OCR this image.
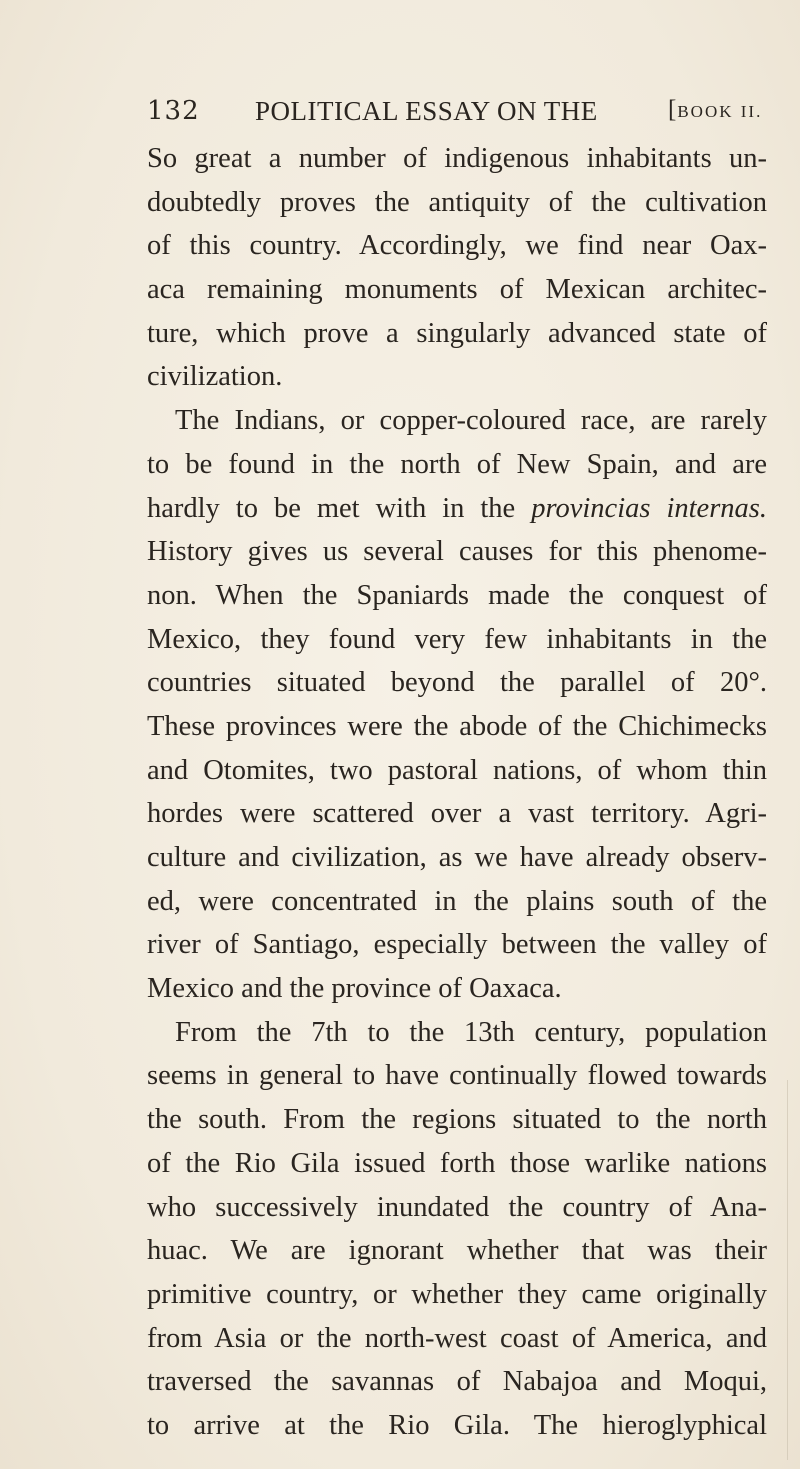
132 POLITICAL ESSAY ON THE	[BOOK II.
So great a number of indigenous inhabitants un-
doubtedly proves the antiquity of the cultivation
of this country. Accordingly, we find near Oax-
aca remaining monuments of Mexican architec-
ture, which prove a singularly advanced state of
civilization.
The Indians, or copper-coloured race, are rarely
to be found in the north of New Spain, and are
hardly to be met with in the provincias internas.
History gives us several causes for this phenome-
non. When the Spaniards made the conquest of
Mexico, they found very few inhabitants in the
countries situated beyond the parallel of 20°.
These provinces were the abode of the Chichimecks
and Otomites, two pastoral nations, of whom thin
hordes were scattered over a vast territory. Agri-
culture and civilization, as we have already observ-
ed, were concentrated in the plains south of the
river of Santiago, especially between the valley of
Mexico and the province of Oaxaca.
From the 7th to the 13th century, population
seems in general to have continually flowed towards
the south. From the regions situated to the north
of the Rio Gila issued forth those warlike nations
who successively inundated the country of Ana-
huac. We are ignorant whether that was their
primitive country, or whether they came originally
from Asia or the north-west coast of America, and
traversed the savannas of Nabajoa and Moqui,
to arrive at the Rio Gila. The hieroglyphical
